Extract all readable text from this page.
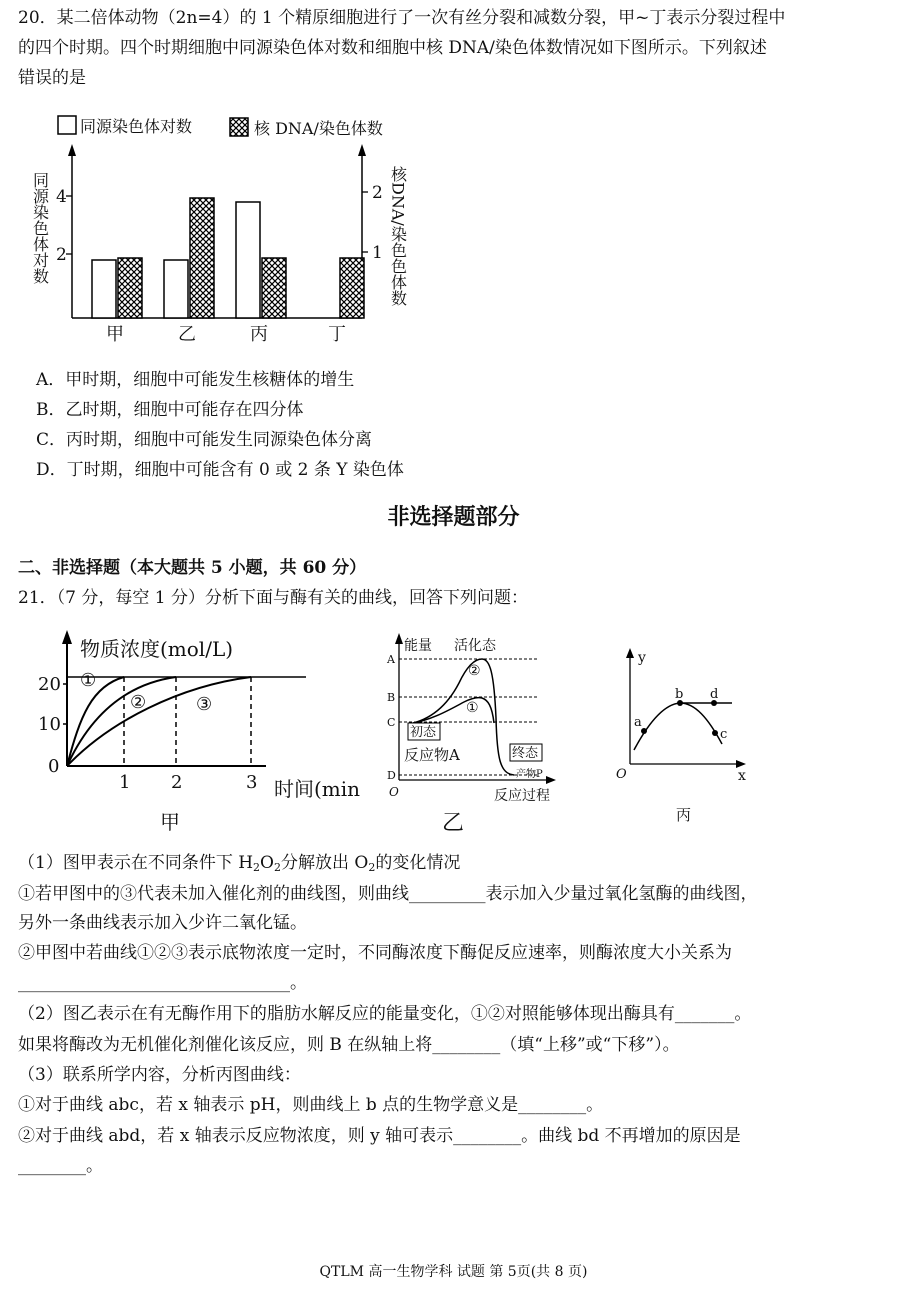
20．某二倍体动物（2n=4）的 1 个精原细胞进行了一次有丝分裂和减数分裂，甲~丁表示分裂过程中
的四个时期。四个时期细胞中同源染色体对数和细胞中核 DNA/染色体数情况如下图所示。下列叙述
错误的是
同源染色体对数	核 DNA/染色体数
2
4
1
2
同源染色体对数	核DNA/染色色体数
甲	乙	丙	丁
A．甲时期，细胞中可能发生核糖体的增生
B．乙时期，细胞中可能存在四分体
C．丙时期，细胞中可能发生同源染色体分离
D．丁时期，细胞中可能含有 0 或 2 条 Y 染色体
非选择题部分
二、非选择题（本大题共 5 小题，共 60 分）
21．（7 分，每空 1 分）分析下面与酶有关的曲线，回答下列问题：
物质浓度(mol/L)
0
10
20 ①
②	③
1 2	3 时间(min
甲
能量 活化态
A
B
C
D
②
①
初态
反应物A	终态
产物P
O	反应过程
乙
y
x
O
a
b d
c
丙
（1）图甲表示在不同条件下 $H_2O_2$分解放出 $O_2$的变化情况
①若甲图中的③代表未加入催化剂的曲线图，则曲线_________表示加入少量过氧化氢酶的曲线图，
另外一条曲线表示加入少许二氧化锰。
②甲图中若曲线①②③表示底物浓度一定时，不同酶浓度下酶促反应速率，则酶浓度大小关系为
________________________________。
（2）图乙表示在有无酶作用下的脂肪水解反应的能量变化，①②对照能够体现出酶具有_______。
如果将酶改为无机催化剂催化该反应，则 B 在纵轴上将________（填“上移”或“下移”）。
（3）联系所学内容，分析丙图曲线：
①对于曲线 abc，若 x 轴表示 pH，则曲线上 b 点的生物学意义是________。
②对于曲线 abd，若 x 轴表示反应物浓度，则 y 轴可表示________。曲线 bd 不再增加的原因是
________。
QTLM 高一生物学科 试题 第 5页(共 8 页)
